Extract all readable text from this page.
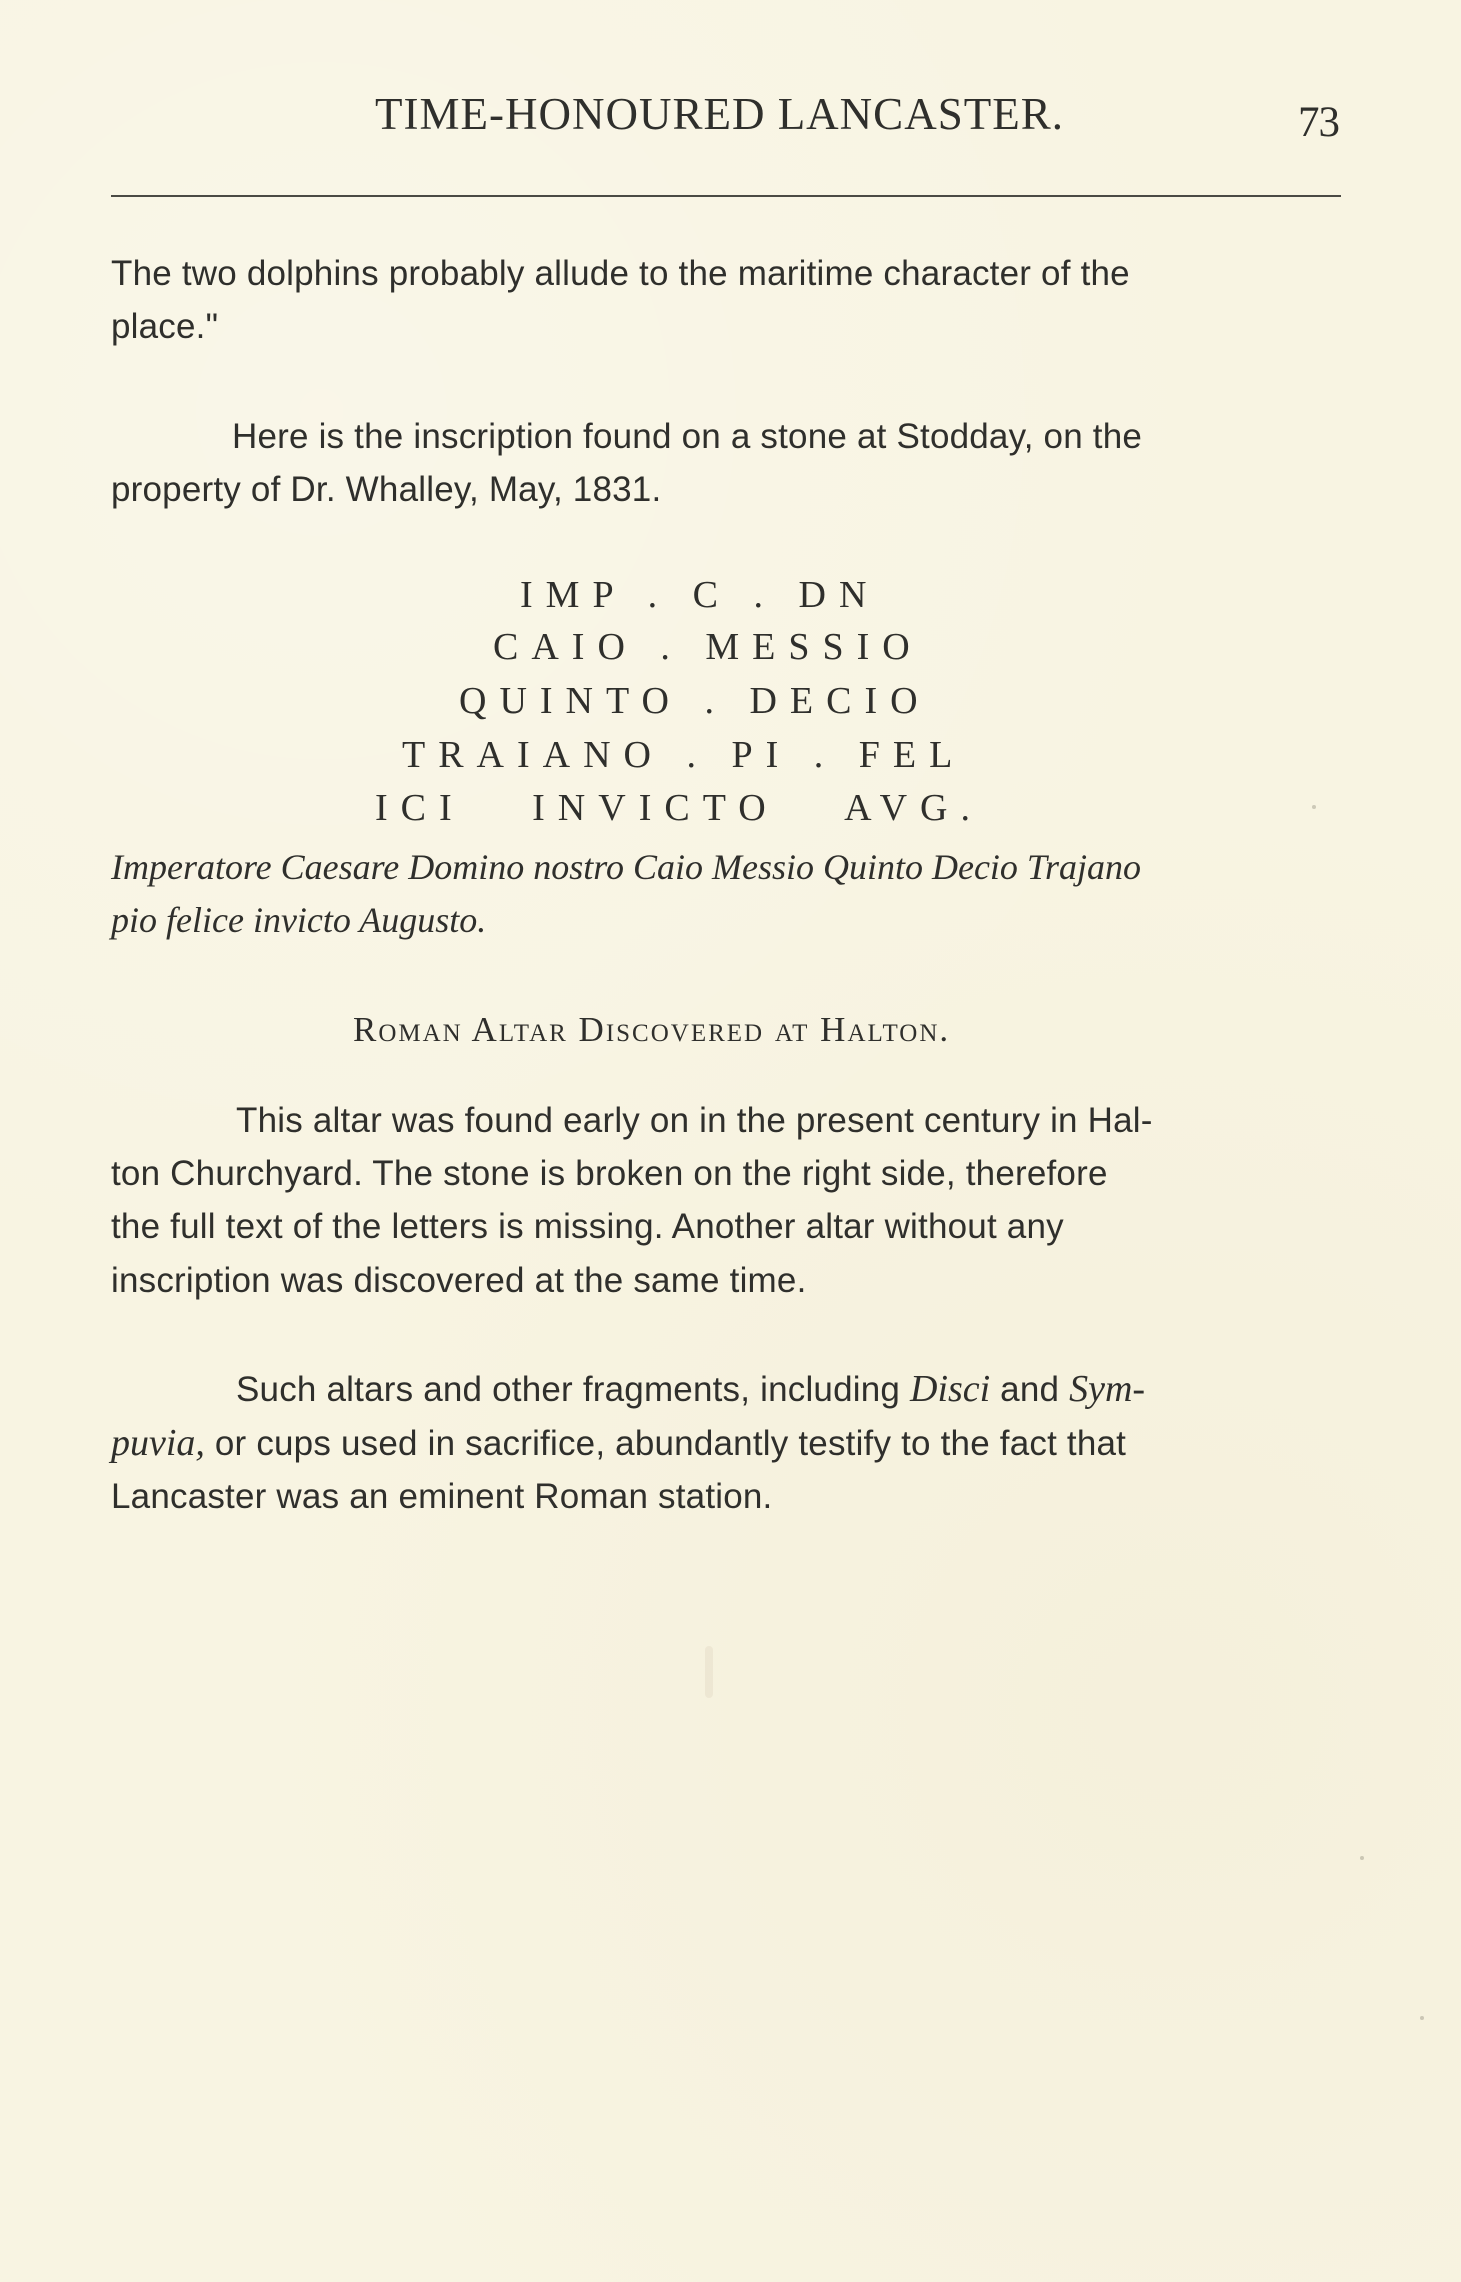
TIME-HONOURED LANCASTER.	73
The two dolphins probably allude to the maritime character of the
place."
Here is the inscription found on a stone at Stodday, on the
property of Dr. Whalley, May, 1831.
IMP . C . DN
CAIO . MESSIO
QUINTO . DECIO
TRAIANO . PI . FEL
ICI   INVICTO   AVG.
Imperatore Caesare Domino nostro Caio Messio Quinto Decio Trajano
pio felice invicto Augusto.
Roman Altar Discovered at Halton.
This altar was found early on in the present century in Hal-
ton Churchyard. The stone is broken on the right side, therefore
the full text of the letters is missing. Another altar without any
inscription was discovered at the same time.
Such altars and other fragments, including Disci and Sym-
puvia, or cups used in sacrifice, abundantly testify to the fact that
Lancaster was an eminent Roman station.
